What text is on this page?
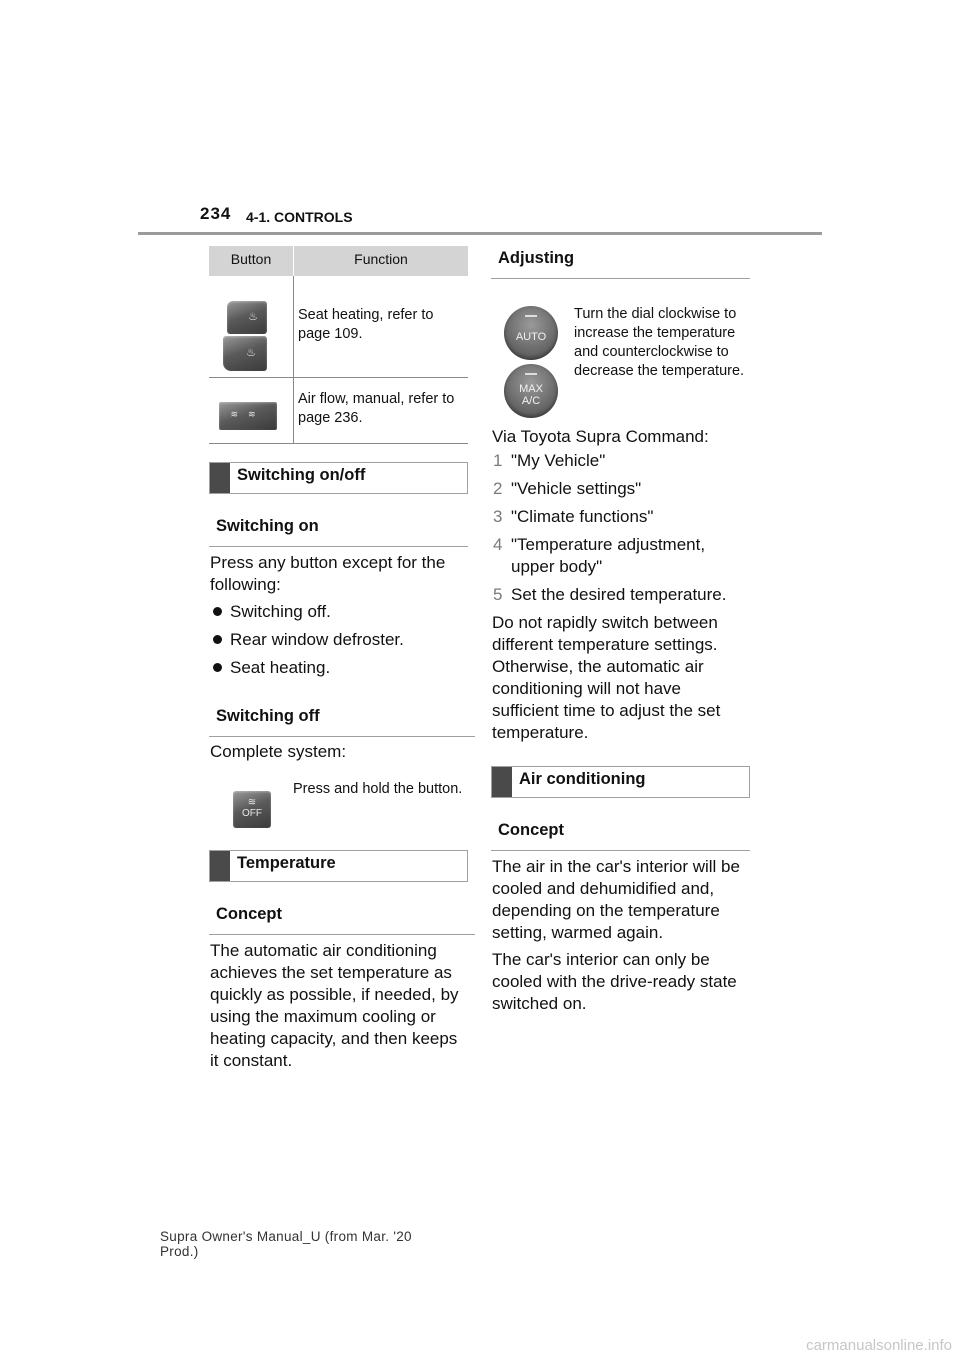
234 4-1. CONTROLS
Button	Function
♨
♨
Seat heating, refer to page 109.
≋≋
Air flow, manual, refer to page 236.
Switching on/off
Switching on
Press any button except for the following:
Switching off.
Rear window defroster.
Seat heating.
Switching off
Complete system:
≋
OFF
Press and hold the button.
Temperature
Concept
The automatic air conditioning achieves the set temperature as quickly as possible, if needed, by using the maximum cooling or heating capacity, and then keeps it constant.
Adjusting
AUTO
MAX
A/C
Turn the dial clockwise to increase the temperature and counterclockwise to decrease the temperature.
Via Toyota Supra Command:
1 "My Vehicle"
2 "Vehicle settings"
3 "Climate functions"
4 "Temperature adjustment, upper body"
5 Set the desired temperature.
Do not rapidly switch between different temperature settings. Otherwise, the automatic air conditioning will not have sufficient time to adjust the set temperature.
Air conditioning
Concept
The air in the car's interior will be cooled and dehumidified and, depending on the temperature setting, warmed again.
The car's interior can only be cooled with the drive-ready state switched on.
Supra Owner's Manual_U (from Mar. '20
Prod.)
carmanualsonline.info
